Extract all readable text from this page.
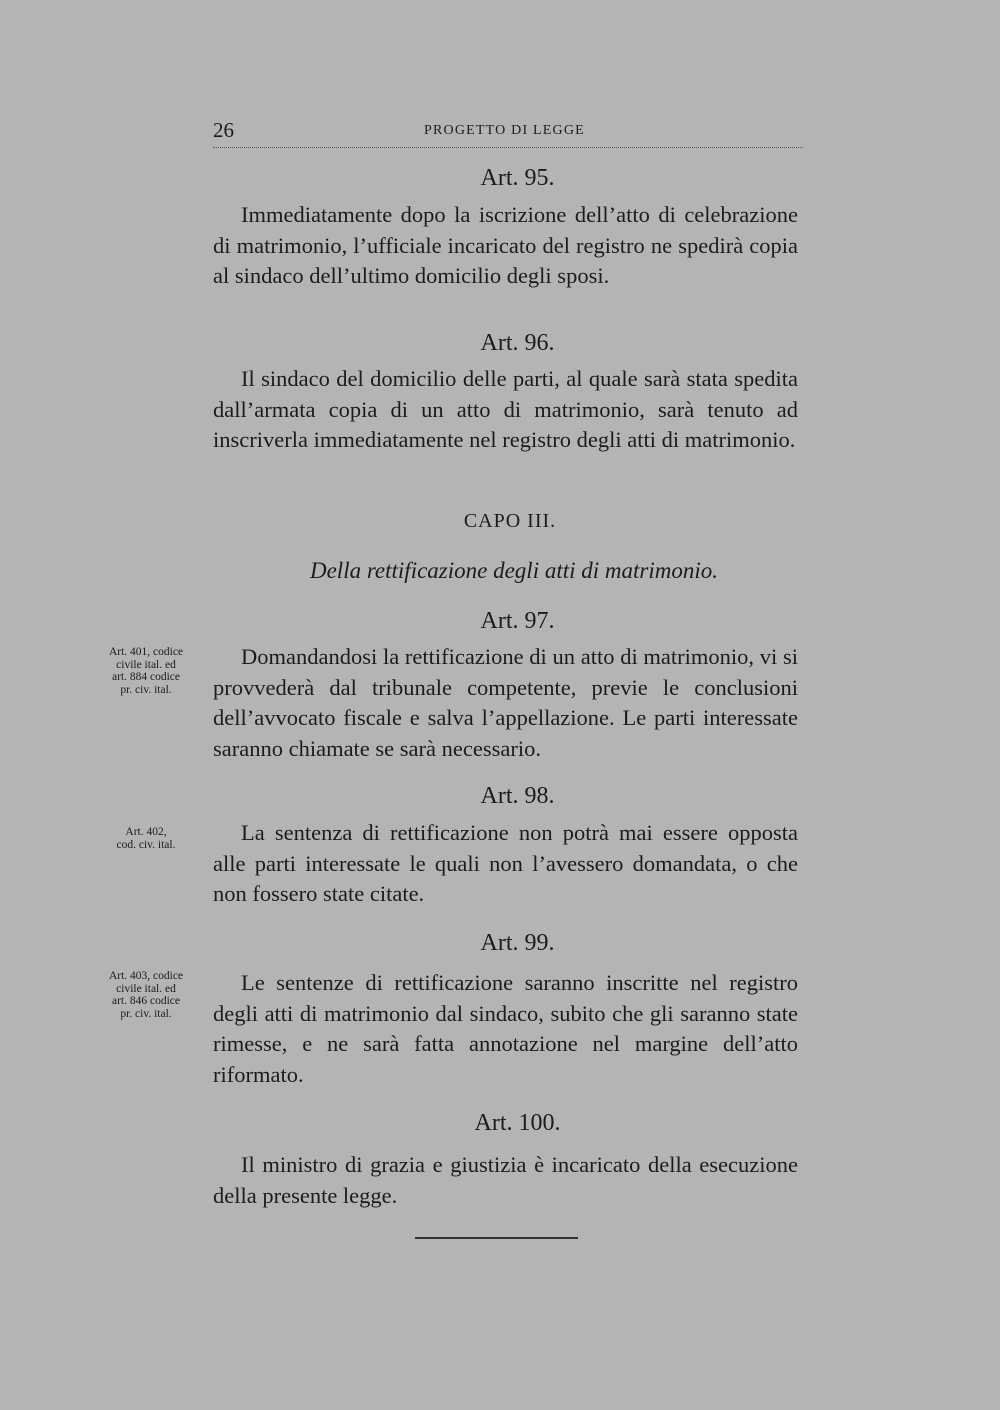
26	PROGETTO DI LEGGE
Art. 95.

Immediatamente dopo la iscrizione dell’atto di celebrazione di matrimonio, l’ufficiale incaricato del registro ne spedirà copia al sindaco dell’ultimo domicilio degli sposi.

Art. 96.

Il sindaco del domicilio delle parti, al quale sarà stata spedita dall’armata copia di un atto di matrimonio, sarà tenuto ad inscriverla immediatamente nel registro degli atti di matrimonio.

CAPO III.
Della rettificazione degli atti di matrimonio.
Art. 97.
Art. 401, codice
civile ital. ed
art. 884 codice
pr. civ. ital.

Domandandosi la rettificazione di un atto di matrimonio, vi si provvederà dal tribunale competente, previe le conclusioni dell’avvocato fiscale e salva l’appellazione. Le parti interessate saranno chiamate se sarà necessario.

Art. 98.
Art. 402,
cod. civ. ital.	La sentenza di rettificazione non potrà mai essere opposta alle parti interessate le quali non l’avessero domandata, o che non fossero state citate.

Art. 99.
Art. 403, codice
civile ital. ed
art. 846 codice
pr. civ. ital.

Le sentenze di rettificazione saranno inscritte nel registro degli atti di matrimonio dal sindaco, subito che gli saranno state rimesse, e ne sarà fatta annotazione nel margine dell’atto riformato.

Art. 100.

Il ministro di grazia e giustizia è incaricato della esecuzione della presente legge.
